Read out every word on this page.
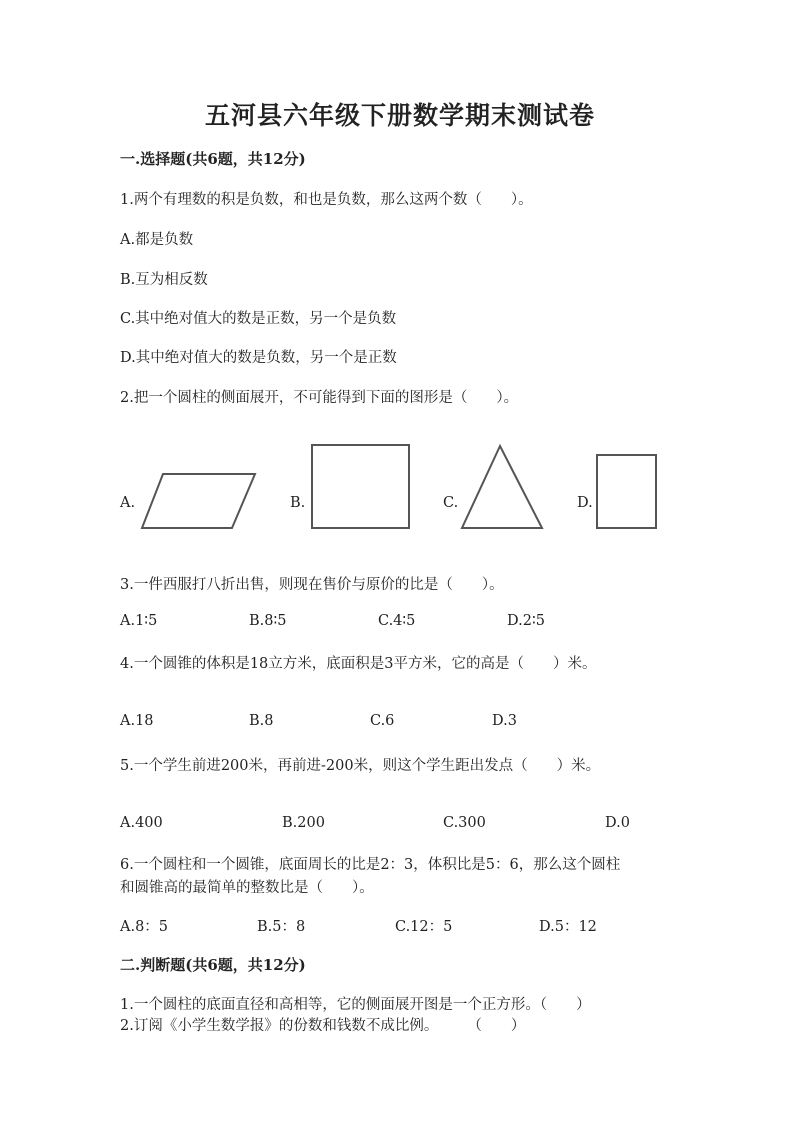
五河县六年级下册数学期末测试卷
一.选择题(共6题，共12分)
1.两个有理数的积是负数，和也是负数，那么这两个数（　　）。
A.都是负数
B.互为相反数
C.其中绝对值大的数是正数，另一个是负数
D.其中绝对值大的数是负数，另一个是正数
2.把一个圆柱的侧面展开，不可能得到下面的图形是（　　）。
A.	B.	C.	D.
3.一件西服打八折出售，则现在售价与原价的比是（　　）。
A.1∶5	B.8∶5	C.4∶5	D.2∶5
4.一个圆锥的体积是18立方米，底面积是3平方米，它的高是（　　）米。
A.18	B.8	C.6	D.3
5.一个学生前进200米，再前进-200米，则这个学生距出发点（　　）米。
A.400	B.200	C.300	D.0
6.一个圆柱和一个圆锥，底面周长的比是2：3，体积比是5：6，那么这个圆柱
和圆锥高的最简单的整数比是（　　）。
A.8：5	B.5：8	C.12：5	D.5：12
二.判断题(共6题，共12分)
1.一个圆柱的底面直径和高相等，它的侧面展开图是一个正方形。（　　）
2.订阅《小学生数学报》的份数和钱数不成比例。　　　（　　）
